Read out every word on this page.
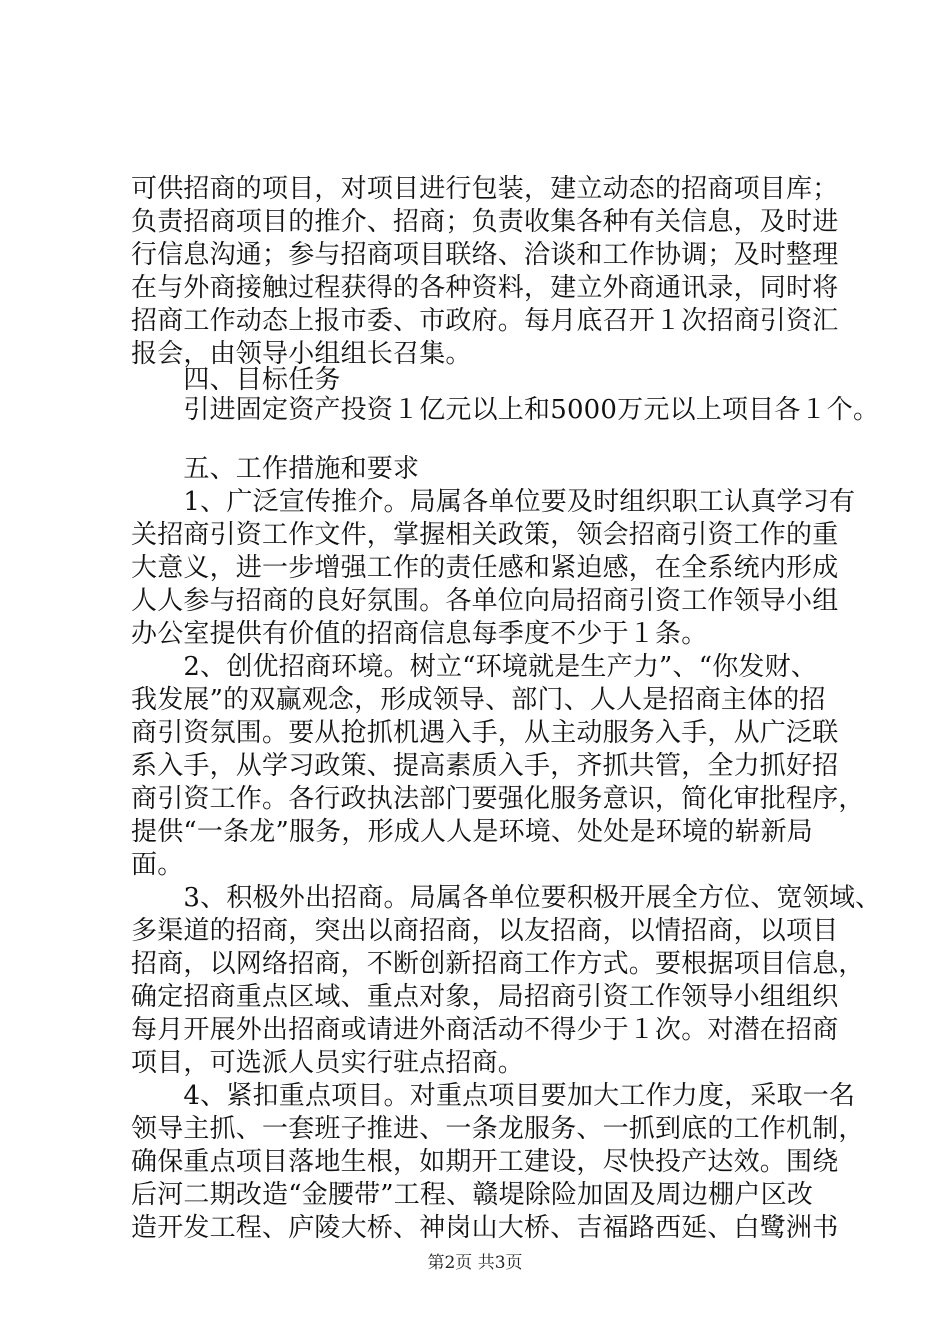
可供招商的项目，对项目进行包装，建立动态的招商项目库；
负责招商项目的推介、招商；负责收集各种有关信息，及时进
行信息沟通；参与招商项目联络、洽谈和工作协调；及时整理
在与外商接触过程获得的各种资料，建立外商通讯录，同时将
招商工作动态上报市委、市政府。每月底召开１次招商引资汇
报会，由领导小组组长召集。
　　四、目标任务
　　引进固定资产投资１亿元以上和5000万元以上项目各１个。
　　五、工作措施和要求
　　1、广泛宣传推介。局属各单位要及时组织职工认真学习有
关招商引资工作文件，掌握相关政策，领会招商引资工作的重
大意义，进一步增强工作的责任感和紧迫感，在全系统内形成
人人参与招商的良好氛围。各单位向局招商引资工作领导小组
办公室提供有价值的招商信息每季度不少于１条。
　　2、创优招商环境。树立“环境就是生产力”、“你发财、
我发展”的双赢观念，形成领导、部门、人人是招商主体的招
商引资氛围。要从抢抓机遇入手，从主动服务入手，从广泛联
系入手，从学习政策、提高素质入手，齐抓共管，全力抓好招
商引资工作。各行政执法部门要强化服务意识，简化审批程序，
提供“一条龙”服务，形成人人是环境、处处是环境的崭新局
面。
　　3、积极外出招商。局属各单位要积极开展全方位、宽领域、
多渠道的招商，突出以商招商，以友招商，以情招商，以项目
招商，以网络招商，不断创新招商工作方式。要根据项目信息，
确定招商重点区域、重点对象，局招商引资工作领导小组组织
每月开展外出招商或请进外商活动不得少于１次。对潜在招商
项目，可选派人员实行驻点招商。
　　4、紧扣重点项目。对重点项目要加大工作力度，采取一名
领导主抓、一套班子推进、一条龙服务、一抓到底的工作机制，
确保重点项目落地生根，如期开工建设，尽快投产达效。围绕
后河二期改造“金腰带”工程、赣堤除险加固及周边棚户区改
造开发工程、庐陵大桥、神岗山大桥、吉福路西延、白鹭洲书
第2页 共3页
